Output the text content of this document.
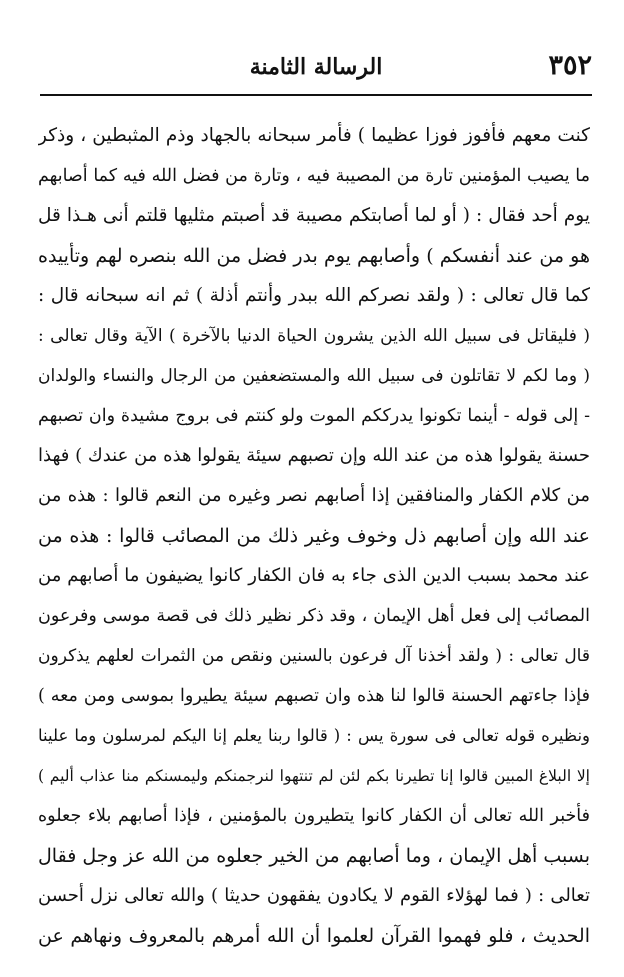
٣٥٢
الرسالة الثامنة
كنت معهم فأفوز فوزا عظيما ) فأمر سبحانه بالجهاد وذم المثبطين ، وذكر
ما يصيب المؤمنين تارة من المصيبة فيه ، وتارة من فضل الله فيه كما أصابهم
يوم أحد فقال : ( أو لما أصابتكم مصيبة قد أصبتم مثليها قلتم أنى هـذا قل
هو من عند أنفسكم ) وأصابهم يوم بدر فضل من الله بنصره لهم وتأييده
كما قال تعالى : ( ولقد نصركم الله ببدر وأنتم أذلة ) ثم انه سبحانه قال :
( فليقاتل فى سبيل الله الذين يشرون الحياة الدنيا بالآخرة ) الآية وقال تعالى :
( وما لكم لا تقاتلون فى سبيل الله والمستضعفين من الرجال والنساء والولدان
- إلى قوله - أينما تكونوا يدرككم الموت ولو كنتم فى بروج مشيدة وان تصبهم
حسنة يقولوا هذه من عند الله وإن تصبهم سيئة يقولوا هذه من عندك ) فهذا
من كلام الكفار والمنافقين إذا أصابهم نصر وغيره من النعم قالوا : هذه من
عند الله وإن أصابهم ذل وخوف وغير ذلك من المصائب قالوا : هذه من
عند محمد بسبب الدين الذى جاء به فان الكفار كانوا يضيفون ما أصابهم من
المصائب إلى فعل أهل الإيمان ، وقد ذكر نظير ذلك فى قصة موسى وفرعون
قال تعالى : ( ولقد أخذنا آل فرعون بالسنين ونقص من الثمرات لعلهم يذكرون
فإذا جاءتهم الحسنة قالوا لنا هذه وان تصبهم سيئة يطيروا بموسى ومن معه )
ونظيره قوله تعالى فى سورة يس : ( قالوا ربنا يعلم إنا اليكم لمرسلون وما علينا
إلا البلاغ المبين قالوا إنا تطيرنا بكم لئن لم تنتهوا لنرجمنكم وليمسنكم منا عذاب أليم )
فأخبر الله تعالى أن الكفار كانوا يتطيرون بالمؤمنين ، فإذا أصابهم بلاء جعلوه
بسبب أهل الإيمان ، وما أصابهم من الخير جعلوه من الله عز وجل فقال
تعالى : ( فما لهؤلاء القوم لا يكادون يفقهون حديثا ) والله تعالى نزل أحسن
الحديث ، فلو فهموا القرآن لعلموا أن الله أمرهم بالمعروف ونهاهم عن
